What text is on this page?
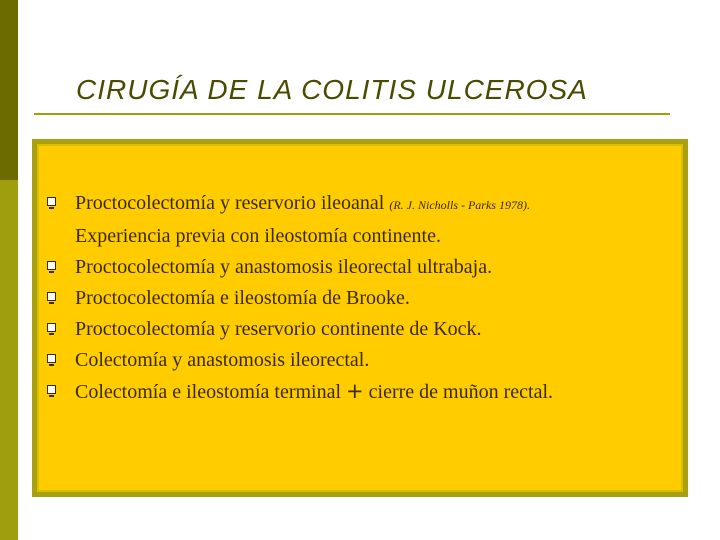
CIRUGÍA DE LA COLITIS ULCEROSA
Proctocolectomía y reservorio ileoanal (R. J. Nicholls - Parks 1978).
Experiencia previa con ileostomía continente.
Proctocolectomía y anastomosis ileorectal ultrabaja.
Proctocolectomía e ileostomía de Brooke.
Proctocolectomía y reservorio continente de Kock.
Colectomía y anastomosis ileorectal.
Colectomía e ileostomía terminal + cierre de muñon rectal.
